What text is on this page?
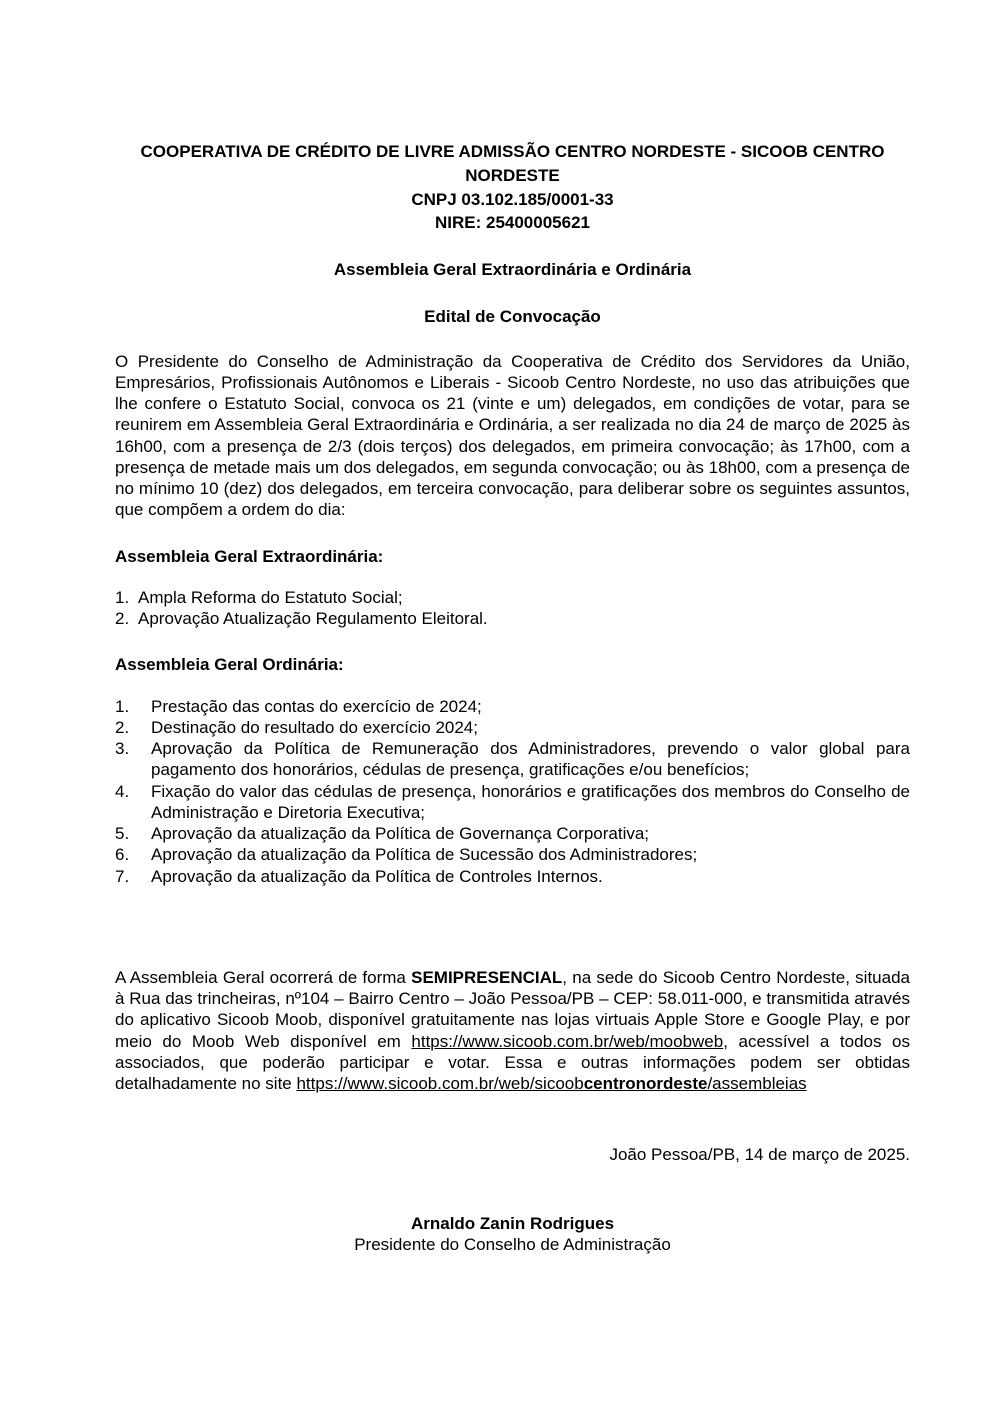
COOPERATIVA DE CRÉDITO DE LIVRE ADMISSÃO CENTRO NORDESTE - SICOOB CENTRO NORDESTE
CNPJ 03.102.185/0001-33
NIRE: 25400005621
Assembleia Geral Extraordinária e Ordinária
Edital de Convocação

O Presidente do Conselho de Administração da Cooperativa de Crédito dos Servidores da União, Empresários, Profissionais Autônomos e Liberais - Sicoob Centro Nordeste, no uso das atribuições que lhe confere o Estatuto Social, convoca os 21 (vinte e um) delegados, em condições de votar, para se reunirem em Assembleia Geral Extraordinária e Ordinária, a ser realizada no dia 24 de março de 2025 às 16h00, com a presença de 2/3 (dois terços) dos delegados, em primeira convocação; às 17h00, com a presença de metade mais um dos delegados, em segunda convocação; ou às 18h00, com a presença de no mínimo 10 (dez) dos delegados, em terceira convocação, para deliberar sobre os seguintes assuntos, que compõem a ordem do dia:

Assembleia Geral Extraordinária:
1. Ampla Reforma do Estatuto Social;
2. Aprovação Atualização Regulamento Eleitoral.
Assembleia Geral Ordinária:
1.	Prestação das contas do exercício de 2024;
2.	Destinação do resultado do exercício 2024;
3.	Aprovação da Política de Remuneração dos Administradores, prevendo o valor global para pagamento dos honorários, cédulas de presença, gratificações e/ou benefícios;
4.	Fixação do valor das cédulas de presença, honorários e gratificações dos membros do Conselho de Administração e Diretoria Executiva;
5.	Aprovação da atualização da Política de Governança Corporativa;
6.	Aprovação da atualização da Política de Sucessão dos Administradores;
7.	Aprovação da atualização da Política de Controles Internos.

A Assembleia Geral ocorrerá de forma SEMIPRESENCIAL, na sede do Sicoob Centro Nordeste, situada à Rua das trincheiras, nº104 – Bairro Centro – João Pessoa/PB – CEP: 58.011-000, e transmitida através do aplicativo Sicoob Moob, disponível gratuitamente nas lojas virtuais Apple Store e Google Play, e por meio do Moob Web disponível em https://www.sicoob.com.br/web/moobweb, acessível a todos os associados, que poderão participar e votar. Essa e outras informações podem ser obtidas detalhadamente no site https://www.sicoob.com.br/web/sicoobcentronordeste/assembleias

João Pessoa/PB, 14 de março de 2025.
Arnaldo Zanin Rodrigues
Presidente do Conselho de Administração
